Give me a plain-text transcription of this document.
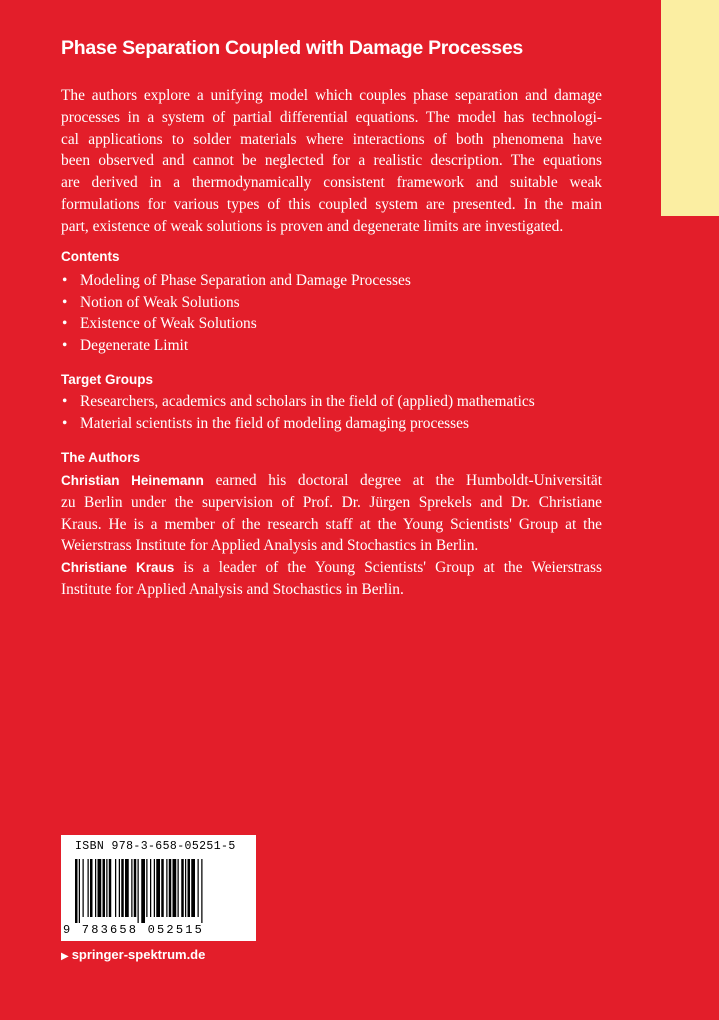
Phase Separation Coupled with Damage Processes
The authors explore a unifying model which couples phase separation and damage
processes in a system of partial differential equations. The model has technologi-
cal applications to solder materials where interactions of both phenomena have
been observed and cannot be neglected for a realistic description. The equations
are derived in a thermodynamically consistent framework and suitable weak
formulations for various types of this coupled system are presented. In the main
part, existence of weak solutions is proven and degenerate limits are investigated.
Contents
• Modeling of Phase Separation and Damage Processes
• Notion of Weak Solutions
• Existence of Weak Solutions
• Degenerate Limit
Target Groups
• Researchers, academics and scholars in the field of (applied) mathematics
• Material scientists in the field of modeling damaging processes
The Authors
Christian Heinemann earned his doctoral degree at the Humboldt-Universität
zu Berlin under the supervision of Prof. Dr. Jürgen Sprekels and Dr. Christiane
Kraus. He is a member of the research staff at the Young Scientists' Group at the
Weierstrass Institute for Applied Analysis and Stochastics in Berlin.
Christiane Kraus is a leader of the Young Scientists' Group at the Weierstrass
Institute for Applied Analysis and Stochastics in Berlin.
ISBN 978-3-658-05251-5
9 783658 052515
▶ springer-spektrum.de
